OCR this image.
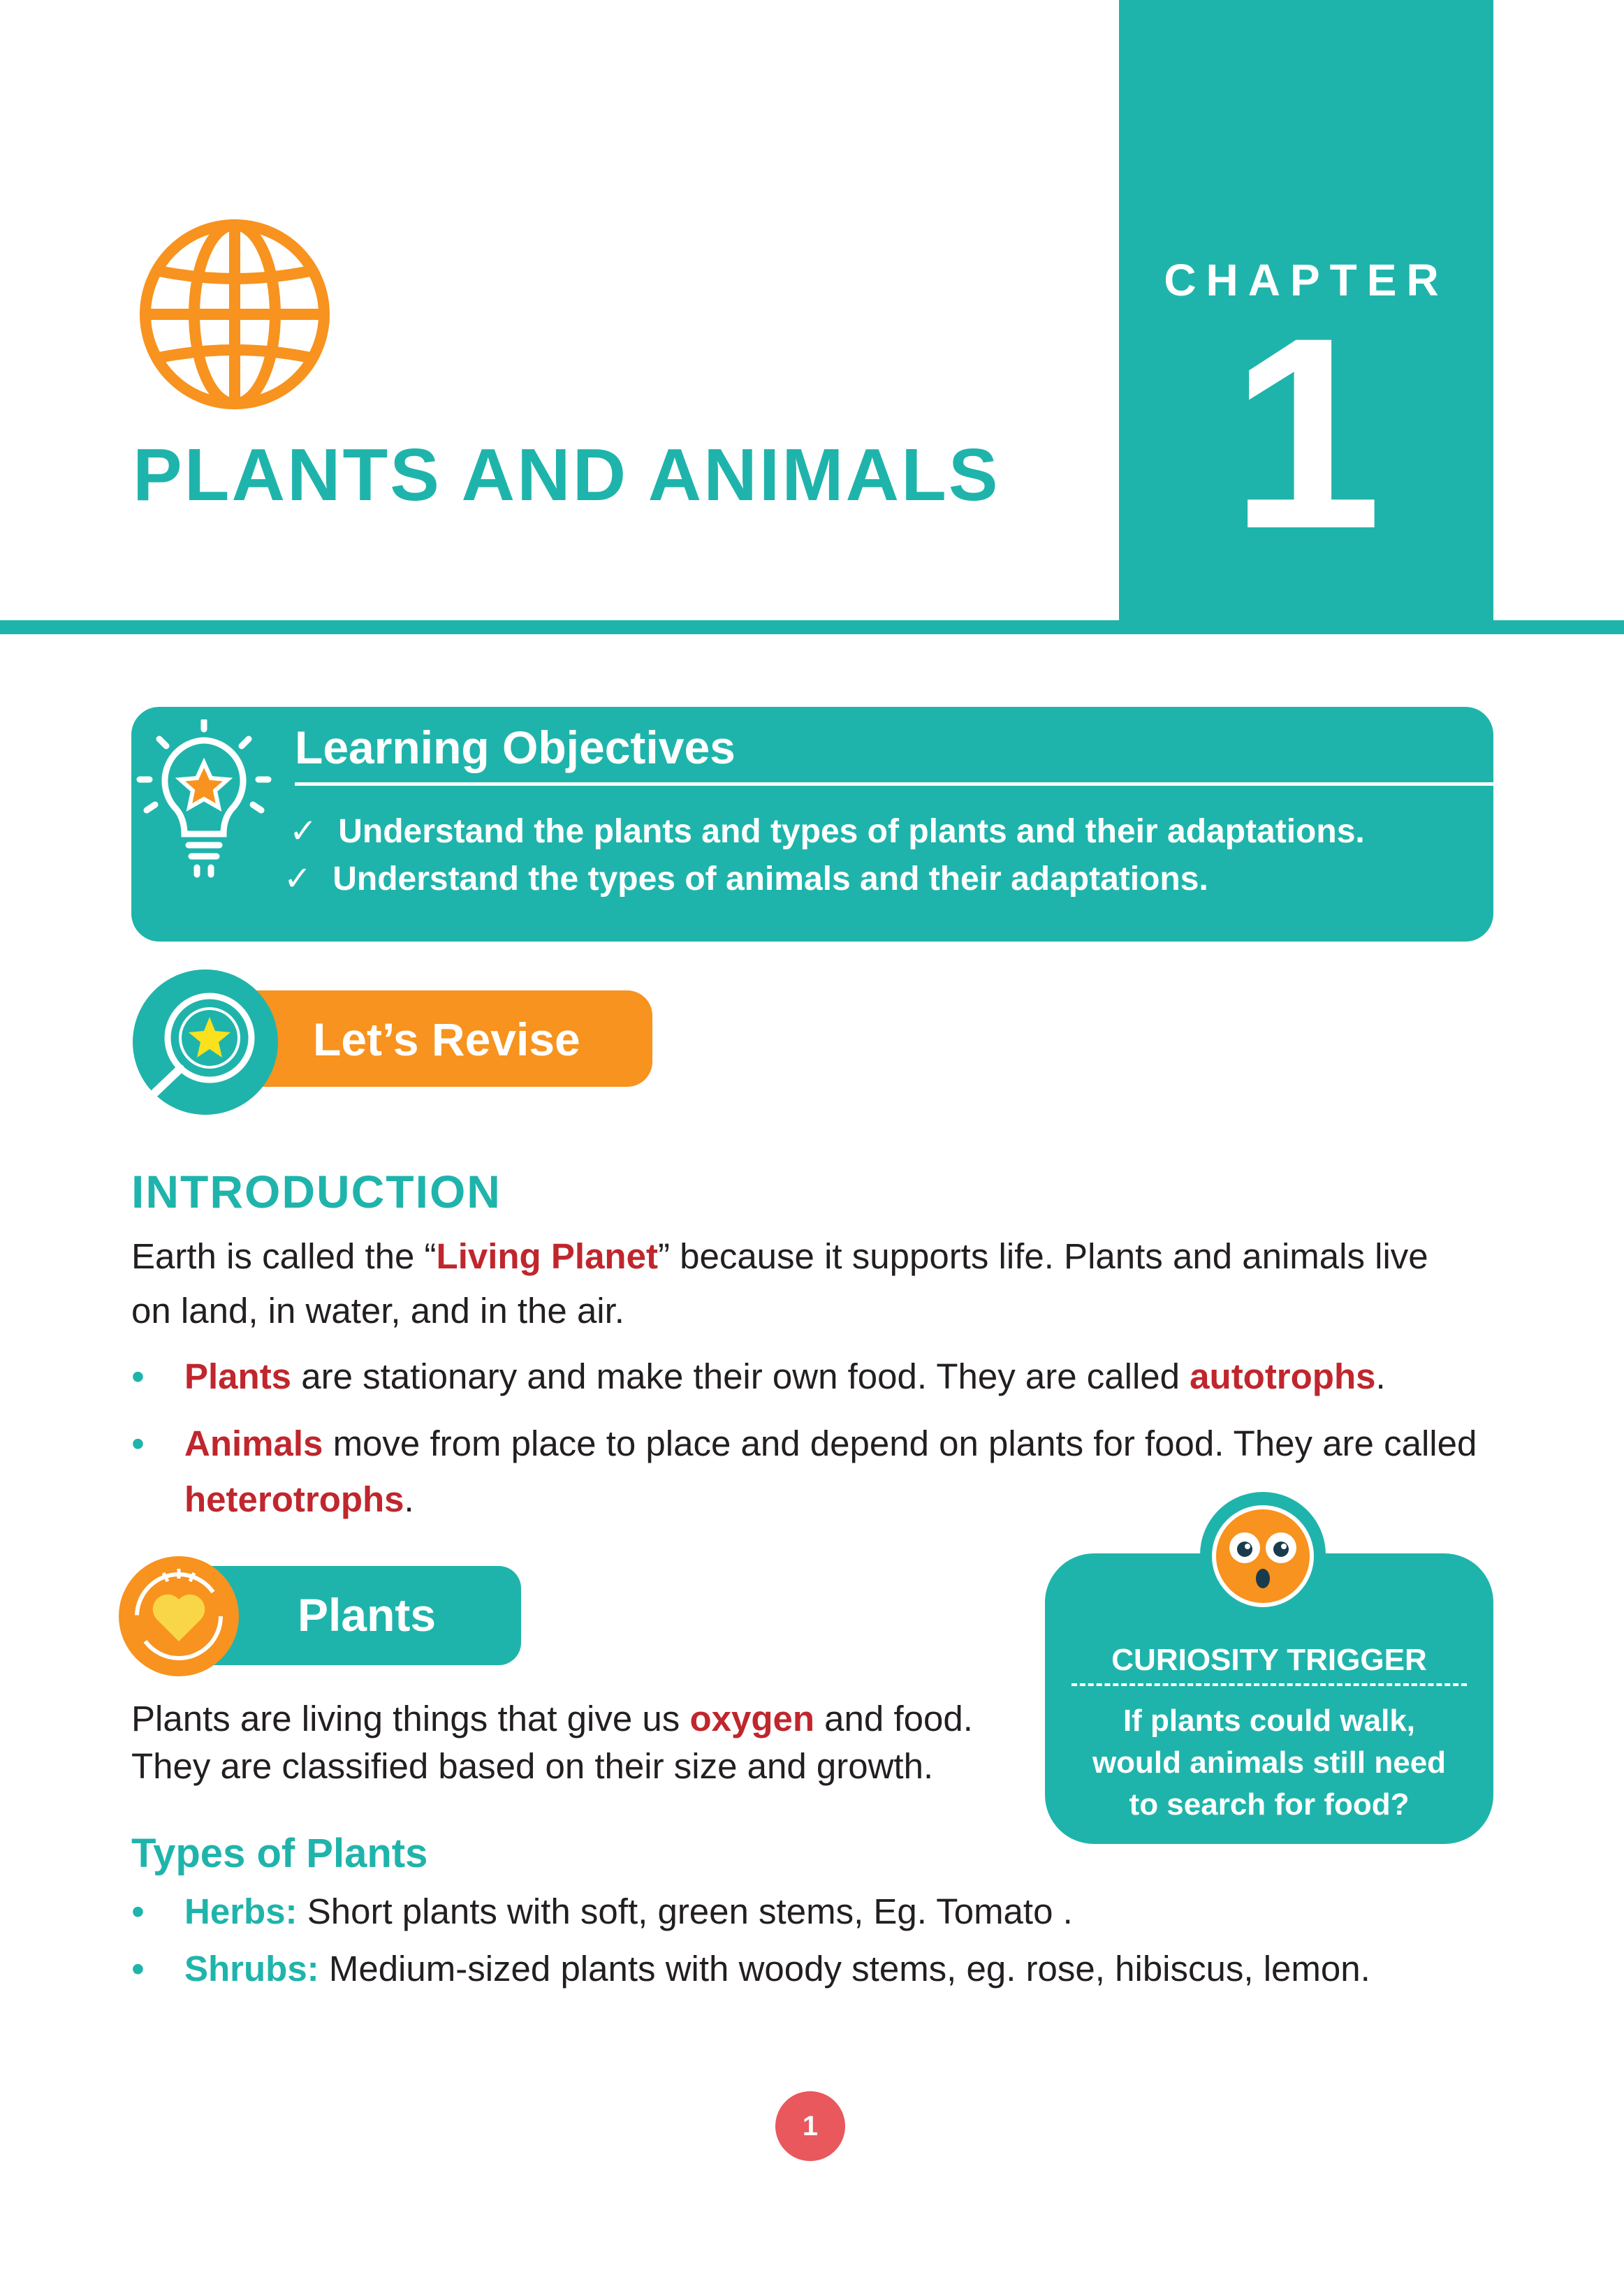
CHAPTER
1
PLANTS AND ANIMALS
Learning Objectives
✓ Understand the plants and types of plants and their adaptations.
✓ Understand the types of animals and their adaptations.
Let’s Revise
INTRODUCTION
Earth is called the “Living Planet” because it supports life. Plants and animals live
on land, in water, and in the air.
• Plants are stationary and make their own food. They are called autotrophs.
• Animals move from place to place and depend on plants for food. They are called
heterotrophs.
Plants
Plants are living things that give us oxygen and food.
They are classified based on their size and growth.
CURIOSITY TRIGGER
If plants could walk,
would animals still need
to search for food?
Types of Plants
• Herbs: Short plants with soft, green stems, Eg. Tomato .
• Shrubs: Medium-sized plants with woody stems, eg. rose, hibiscus, lemon.
1
